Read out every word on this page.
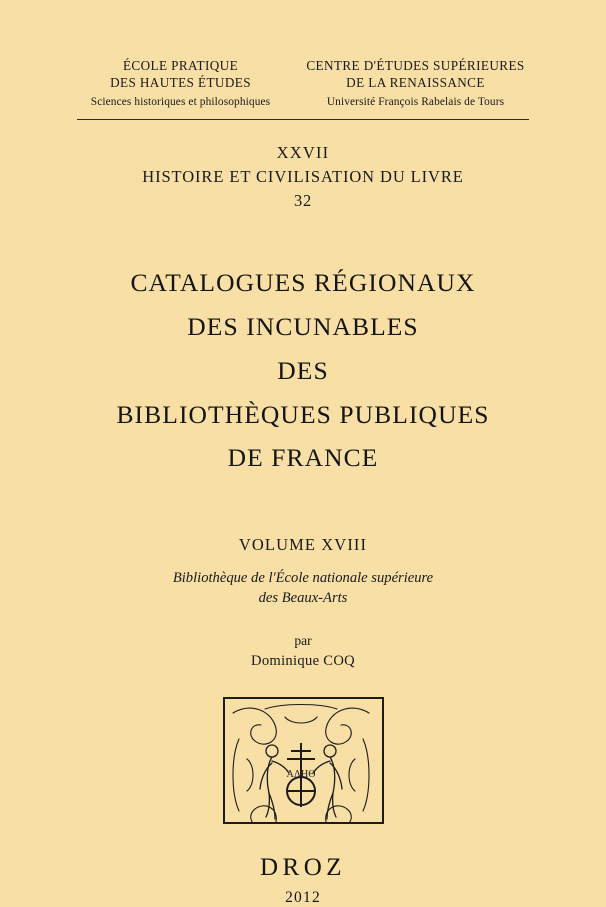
ÉCOLE PRATIQUE
DES HAUTES ÉTUDES
Sciences historiques et philosophiques
CENTRE D'ÉTUDES SUPÉRIEURES
DE LA RENAISSANCE
Université François Rabelais de Tours
XXVII
HISTOIRE ET CIVILISATION DU LIVRE
32
CATALOGUES RÉGIONAUX
DES INCUNABLES
DES
BIBLIOTHÈQUES PUBLIQUES
DE FRANCE
VOLUME XVIII
Bibliothèque de l'École nationale supérieure
des Beaux-Arts
par
Dominique COQ
ΑΛΗΘ
DROZ
2012
